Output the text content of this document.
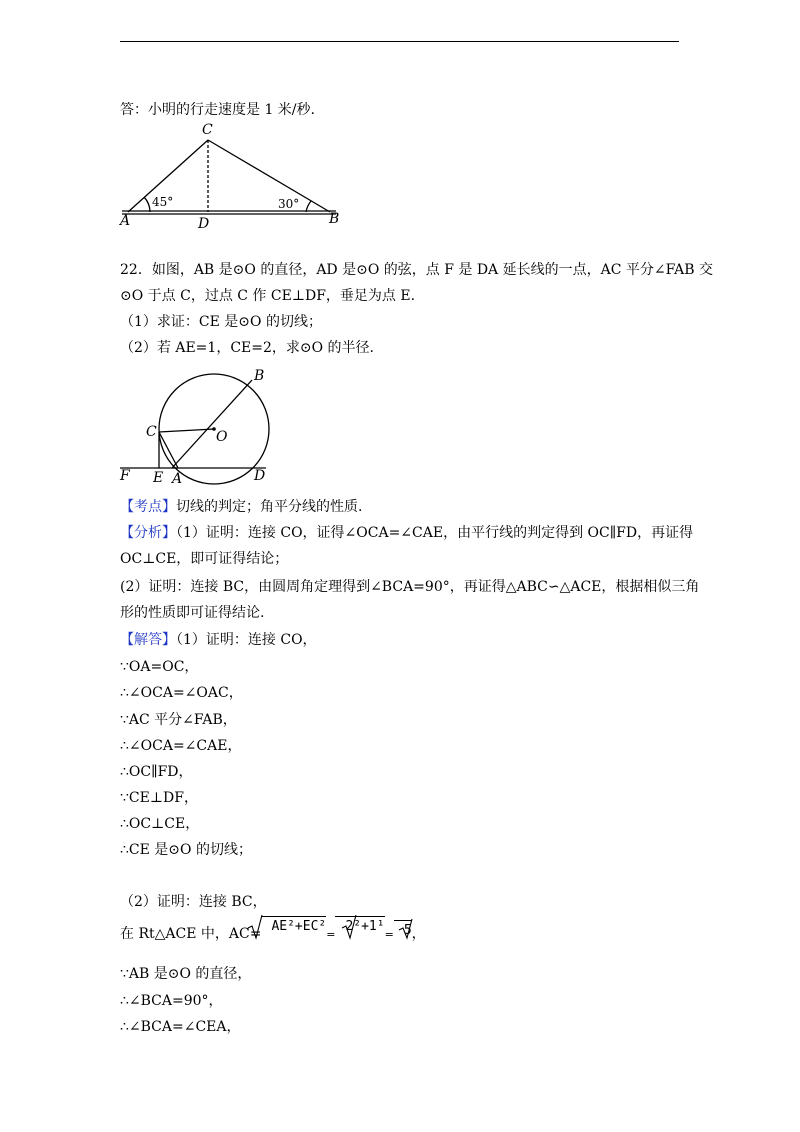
答：小明的行走速度是 1 米/秒.
C
A	D	B
45°	30°
22．如图，AB 是⊙O 的直径，AD 是⊙O 的弦，点 F 是 DA 延长线的一点，AC 平分∠FAB 交
⊙O 于点 C，过点 C 作 CE⊥DF，垂足为点 E.
（1）求证：CE 是⊙O 的切线；
（2）若 AE=1，CE=2，求⊙O 的半径.
B
C	O
F E A	D
【考点】切线的判定；角平分线的性质.
【分析】（1）证明：连接 CO，证得∠OCA=∠CAE，由平行线的判定得到 OC∥FD，再证得
OC⊥CE，即可证得结论；
(2）证明：连接 BC，由圆周角定理得到∠BCA=90°，再证得△ABC∽△ACE，根据相似三角
形的性质即可证得结论.
【解答】（1）证明：连接 CO，
∵OA=OC，
∴∠OCA=∠OAC，
∵AC 平分∠FAB，
∴∠OCA=∠CAE，
∴OC∥FD，
∵CE⊥DF，
∴OC⊥CE，
∴CE 是⊙O 的切线；
（2）证明：连接 BC，
在 Rt△ACE 中，AC= AE²+EC²=2²+1¹= 5，
∵AB 是⊙O 的直径，
∴∠BCA=90°，
∴∠BCA=∠CEA，
